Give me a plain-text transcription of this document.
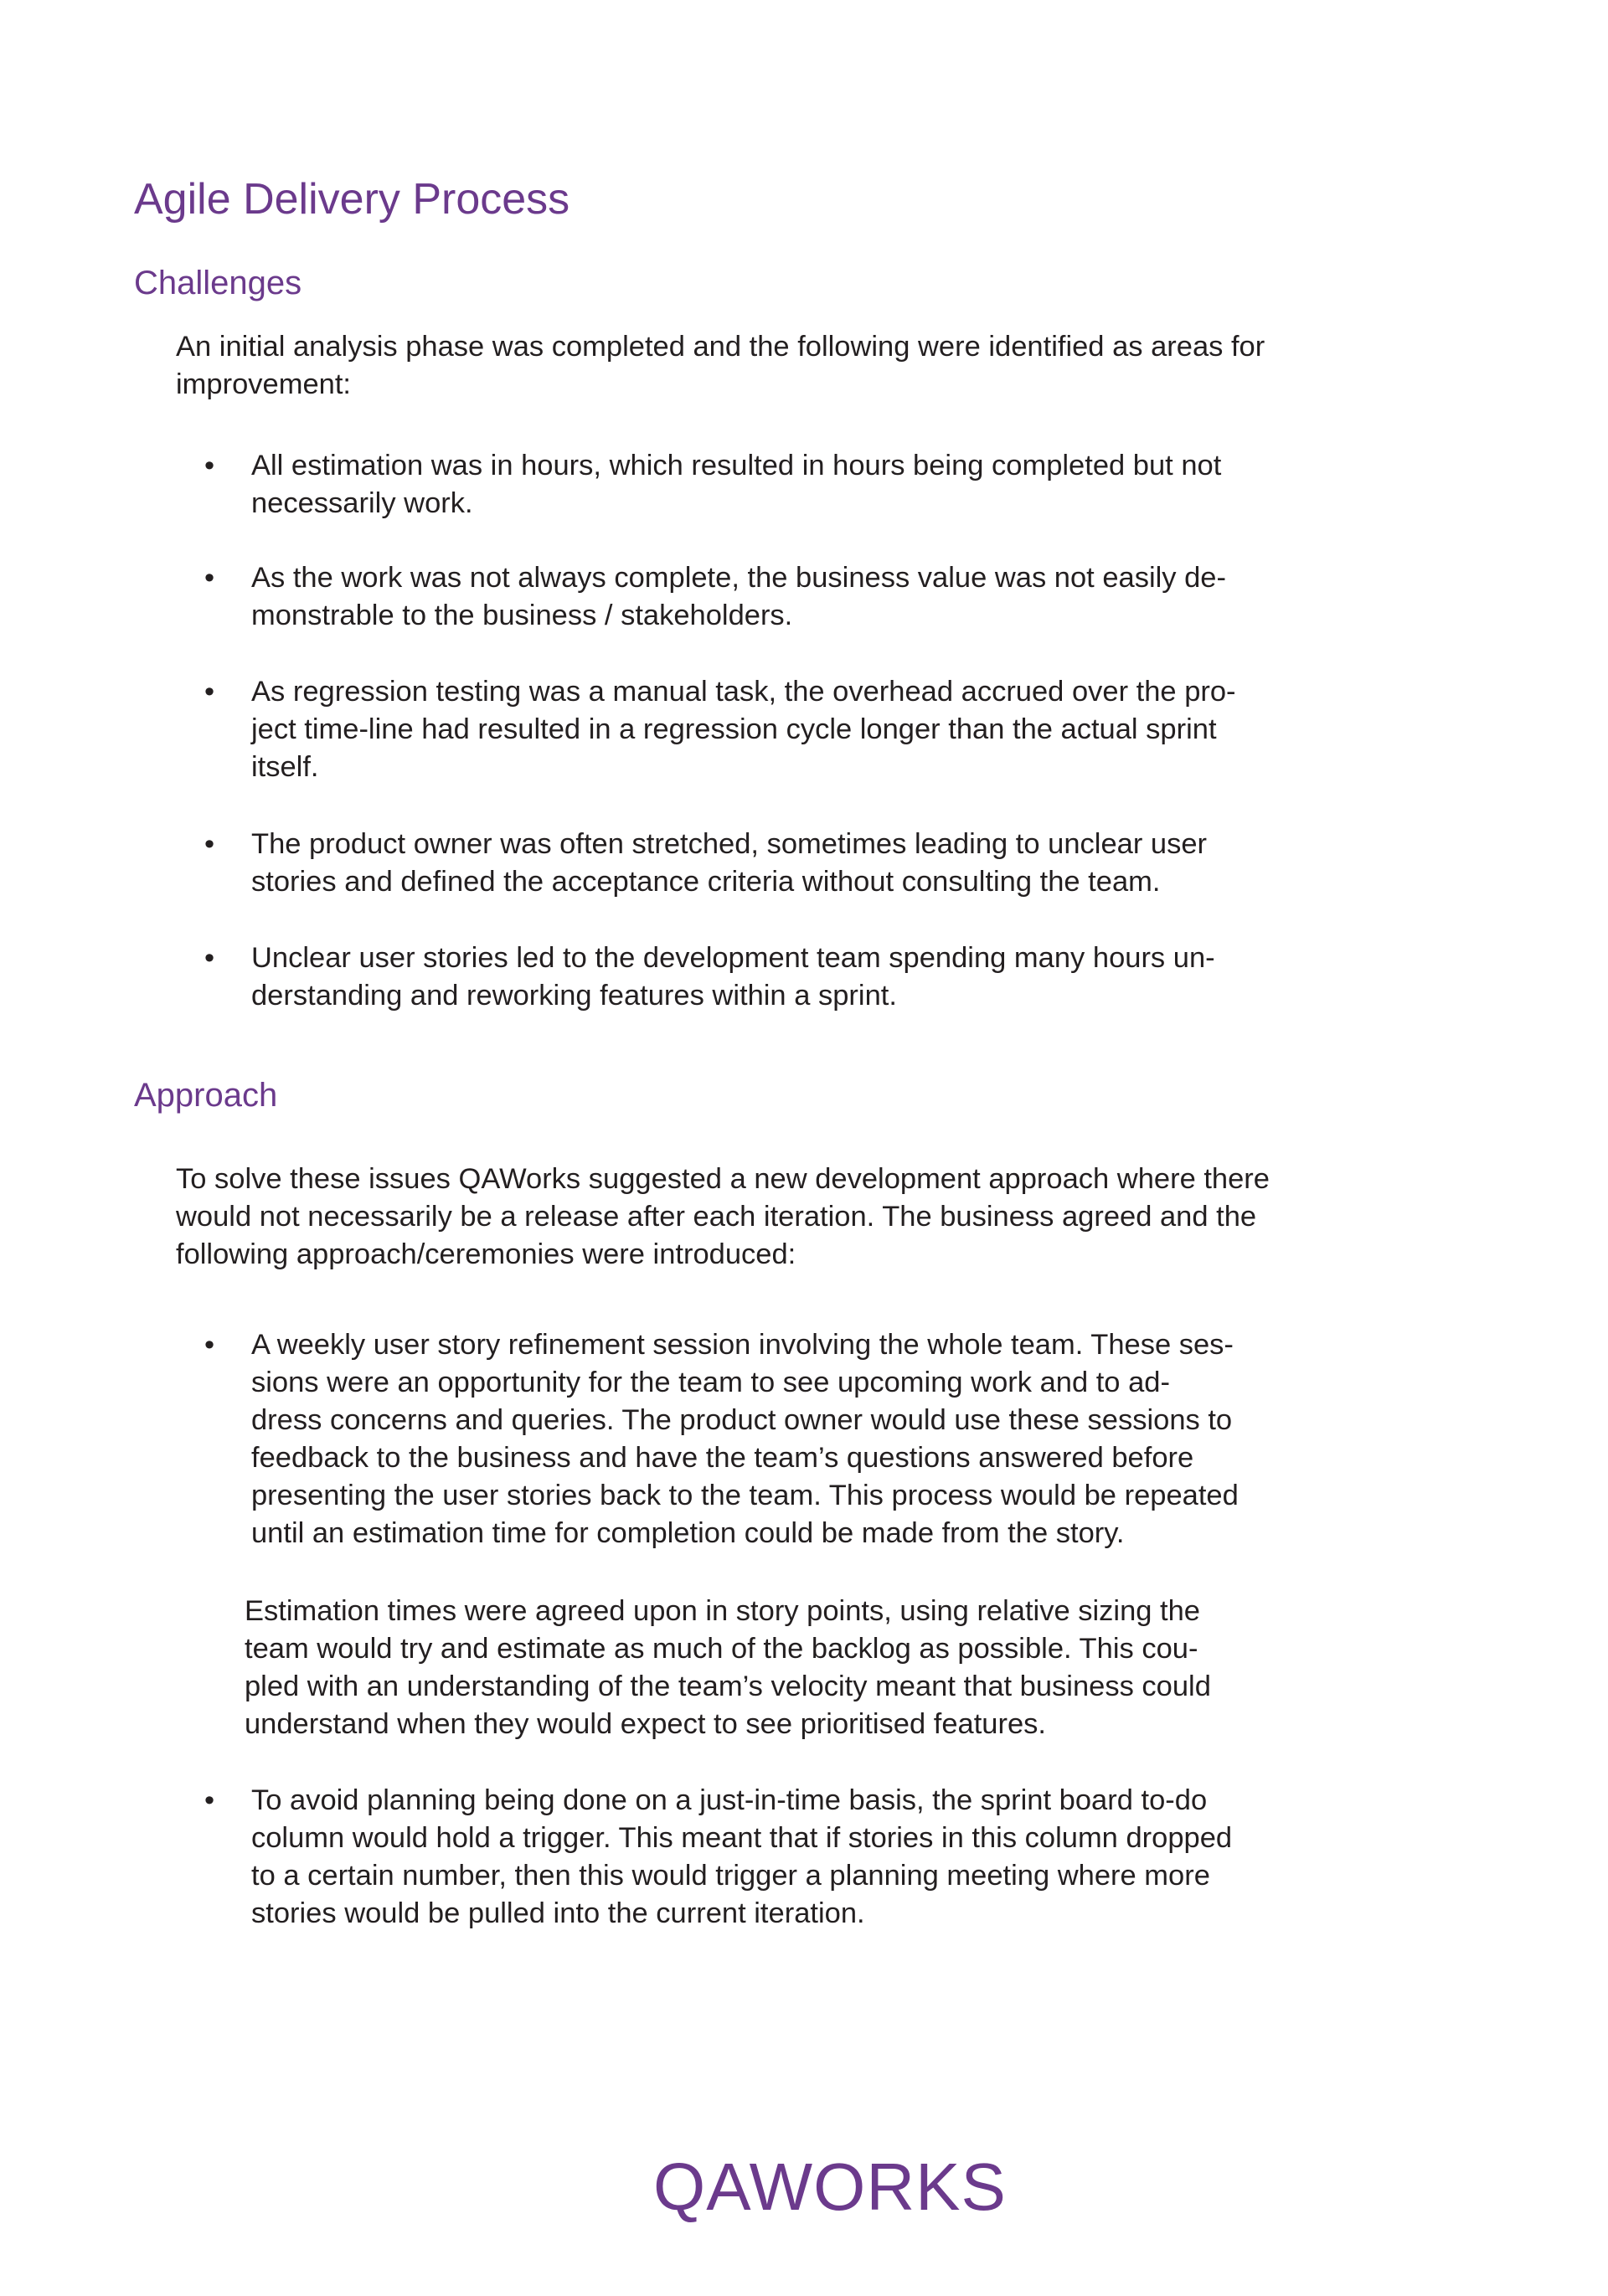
Agile Delivery Process
Challenges

An initial analysis phase was completed and the following were identified as areas for
improvement:

• All estimation was in hours, which resulted in hours being completed but not
necessarily work.

• As the work was not always complete, the business value was not easily de-
monstrable to the business / stakeholders.

• As regression testing was a manual task, the overhead accrued over the pro-
ject time-line had resulted in a regression cycle longer than the actual sprint
itself.

• The product owner was often stretched, sometimes leading to unclear user
stories and defined the acceptance criteria without consulting the team.

• Unclear user stories led to the development team spending many hours un-
derstanding and reworking features within a sprint.

Approach

To solve these issues QAWorks suggested a new development approach where there
would not necessarily be a release after each iteration. The business agreed and the
following approach/ceremonies were introduced:

• A weekly user story refinement session involving the whole team. These ses-
sions were an opportunity for the team to see upcoming work and to ad-
dress concerns and queries. The product owner would use these sessions to
feedback to the business and have the team’s questions answered before
presenting the user stories back to the team. This process would be repeated
until an estimation time for completion could be made from the story.

Estimation times were agreed upon in story points, using relative sizing the
team would try and estimate as much of the backlog as possible. This cou-
pled with an understanding of the team’s velocity meant that business could
understand when they would expect to see prioritised features.

• To avoid planning being done on a just-in-time basis, the sprint board to-do
column would hold a trigger. This meant that if stories in this column dropped
to a certain number, then this would trigger a planning meeting where more
stories would be pulled into the current iteration.

QAWORKS
